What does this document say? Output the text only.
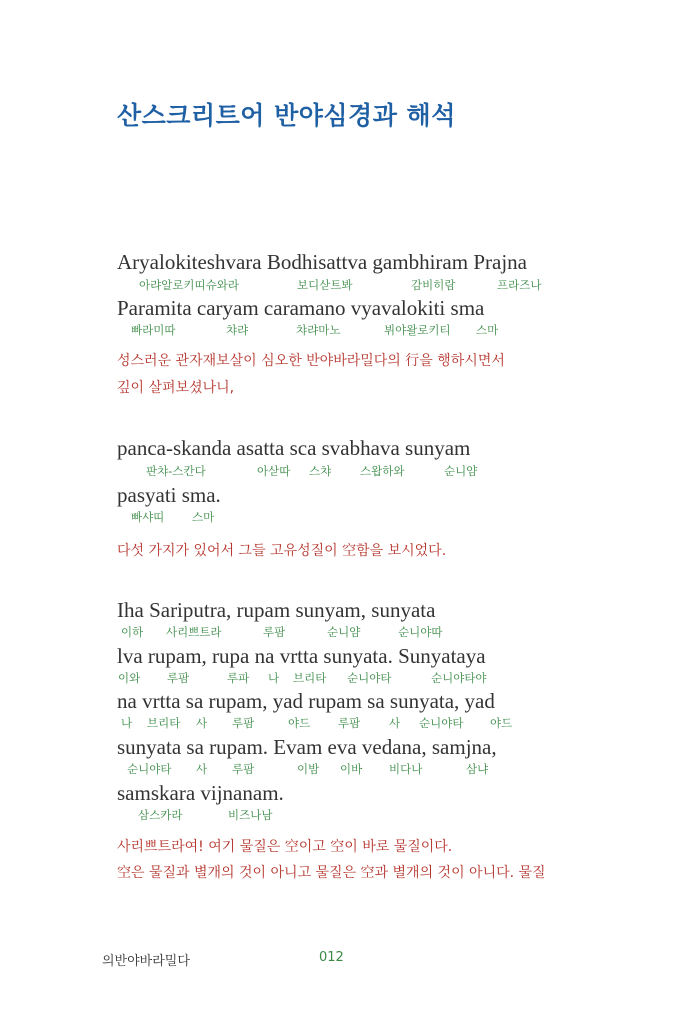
산스크리트어 반야심경과 해석
Aryalokiteshvara Bodhisattva gambhiram Prajna
아랴알로키띠슈와라	보디삳트봐	감비히람	프라즈나
Paramita caryam caramano vyavalokiti sma
빠라미따	챠랴	챠랴마노	뷔야왈로키티 스마
성스러운 관자재보살이 심오한 반야바라밀다의 行을 행하시면서
깊이 살펴보셨나니,
panca-skanda asatta sca svabhava sunyam
판챠-스칸다	아삳따 스챠	스왑하와	순니얌
pasyati sma.
빠샤띠 스마
다섯 가지가 있어서 그들 고유성질이 空함을 보시었다.
Iha Sariputra, rupam sunyam, sunyata
이하 사리쁘트라	루팜	순니얌	순니야따
lva rupam, rupa na vrtta sunyata. Sunyataya
이와 루팜	루파 나 브리타 순니야타	순니야타야
na vrtta sa rupam, yad rupam sa sunyata, yad
나 브리타 사 루팜	야드 루팜	사 순니야타 야드
sunyata sa rupam. Evam eva vedana, samjna,
순니야타 사 루팜	이밤 이바 비다나	삼냐
samskara vijnanam.
삼스카라	비즈나남
사리쁘트라여! 여기 물질은 空이고 空이 바로 물질이다.
空은 물질과 별개의 것이 아니고 물질은 空과 별개의 것이 아니다. 물질
의반야바라밀다	012
